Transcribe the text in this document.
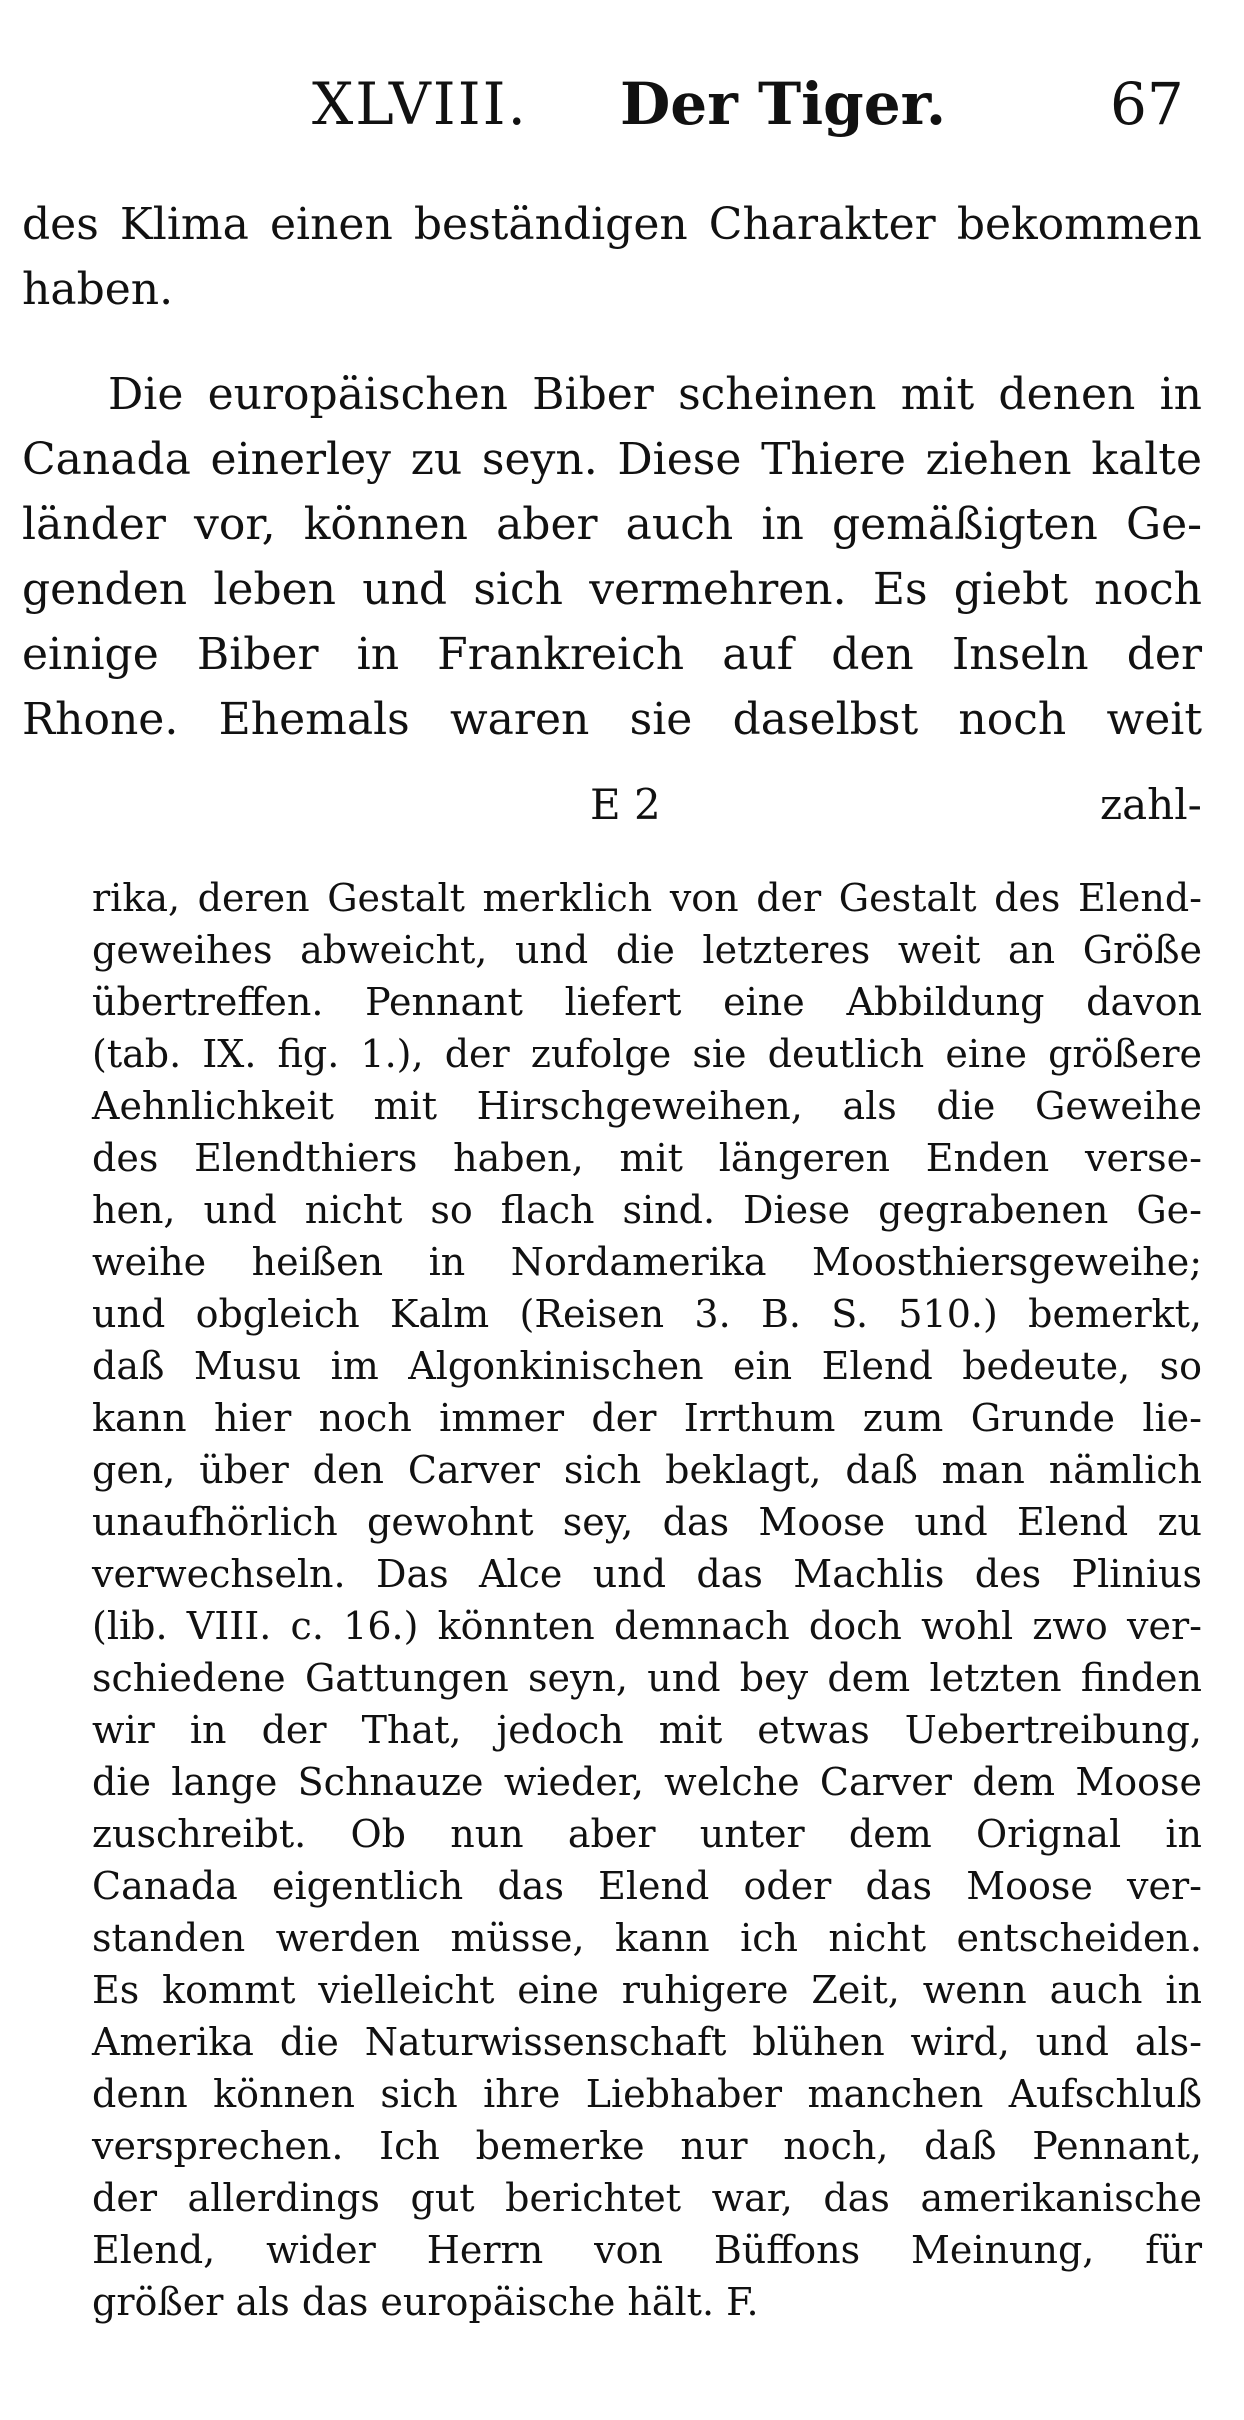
XLVIII. Der Tiger.	67
des Klima einen beständigen Charakter bekommen
haben.
Die europäischen Biber scheinen mit denen in
Canada einerley zu seyn. Diese Thiere ziehen kalte
länder vor, können aber auch in gemäßigten Ge-
genden leben und sich vermehren. Es giebt noch
einige Biber in Frankreich auf den Inseln der
Rhone. Ehemals waren sie daselbst noch weit
E 2	zahl-
rika, deren Gestalt merklich von der Gestalt des Elend-
geweihes abweicht, und die letzteres weit an Größe
übertreffen. Pennant liefert eine Abbildung davon
(tab. IX. fig. 1.), der zufolge sie deutlich eine größere
Aehnlichkeit mit Hirschgeweihen, als die Geweihe
des Elendthiers haben, mit längeren Enden verse-
hen, und nicht so flach sind. Diese gegrabenen Ge-
weihe heißen in Nordamerika Moosthiersgeweihe;
und obgleich Kalm (Reisen 3. B. S. 510.) bemerkt,
daß Musu im Algonkinischen ein Elend bedeute, so
kann hier noch immer der Irrthum zum Grunde lie-
gen, über den Carver sich beklagt, daß man nämlich
unaufhörlich gewohnt sey, das Moose und Elend zu
verwechseln. Das Alce und das Machlis des Plinius
(lib. VIII. c. 16.) könnten demnach doch wohl zwo ver-
schiedene Gattungen seyn, und bey dem letzten finden
wir in der That, jedoch mit etwas Uebertreibung,
die lange Schnauze wieder, welche Carver dem Moose
zuschreibt. Ob nun aber unter dem Orignal in
Canada eigentlich das Elend oder das Moose ver-
standen werden müsse, kann ich nicht entscheiden.
Es kommt vielleicht eine ruhigere Zeit, wenn auch in
Amerika die Naturwissenschaft blühen wird, und als-
denn können sich ihre Liebhaber manchen Aufschluß
versprechen. Ich bemerke nur noch, daß Pennant,
der allerdings gut berichtet war, das amerikanische
Elend, wider Herrn von Büffons Meinung, für
größer als das europäische hält. F.
